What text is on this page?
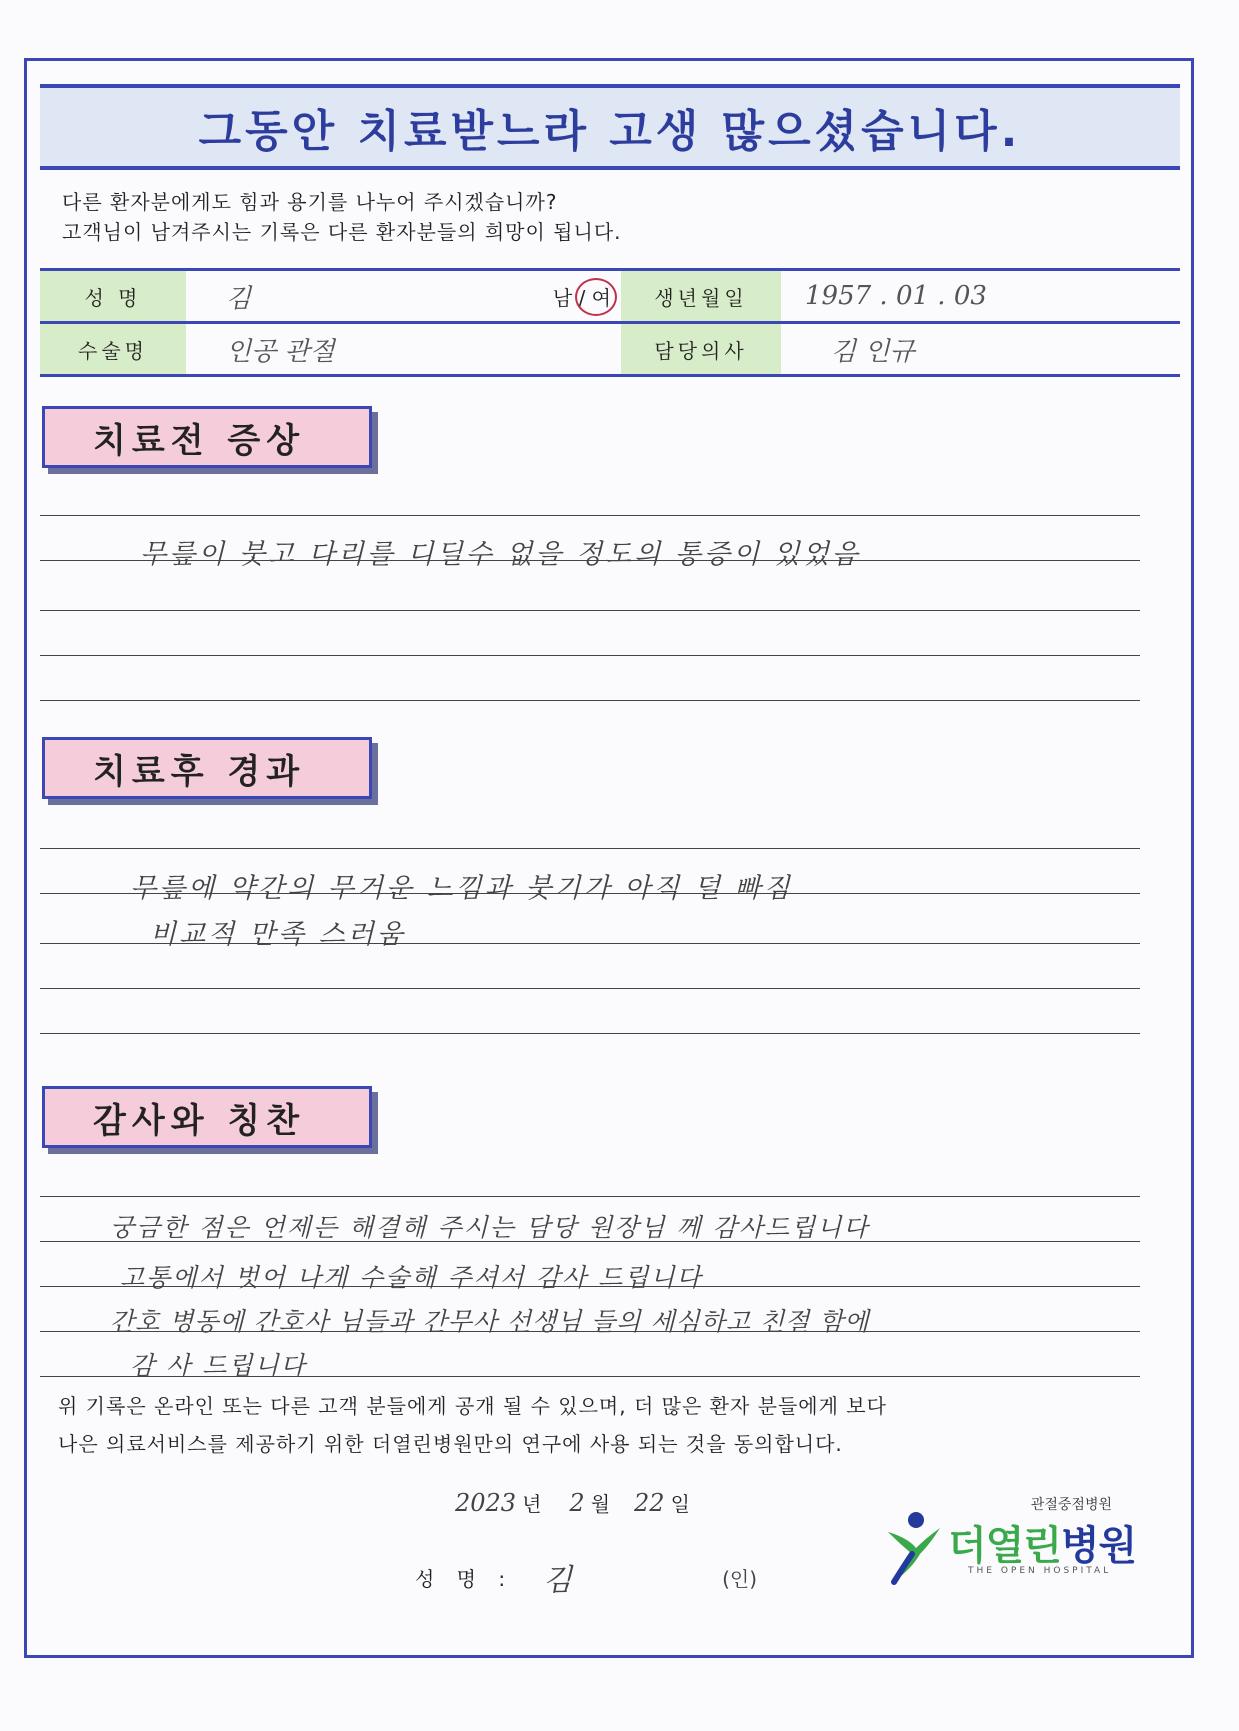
그동안 치료받느라 고생 많으셨습니다.
다른 환자분에게도 힘과 용기를 나누어 주시겠습니까?
고객님이 남겨주시는 기록은 다른 환자분들의 희망이 됩니다.
성 명	김	남 / 여	생년월일	1957 . 01 . 03
수술명	인공 관절		담당의사	김 인규
치료전 증상
무릎이 붓고 다리를 디딜수 없을 정도의 통증이 있었음
치료후 경과
무릎에 약간의 무거운 느낌과 붓기가 아직 덜 빠짐
비교적 만족 스러움
감사와 칭찬
궁금한 점은 언제든 해결해 주시는 담당 원장님 께 감사드립니다
고통에서 벗어 나게 수술해 주셔서 감사 드립니다
간호 병동에 간호사 님들과 간무사 선생님 들의 세심하고 친절 함에
감 사 드립니다
위 기록은 온라인 또는 다른 고객 분들에게 공개 될 수 있으며, 더 많은 환자 분들에게 보다
나은 의료서비스를 제공하기 위한 더열린병원만의 연구에 사용 되는 것을 동의합니다.
2023 년 2 월 22 일
성 명 : 김	(인)
관절중점병원
더열린병원
THE OPEN HOSPITAL
